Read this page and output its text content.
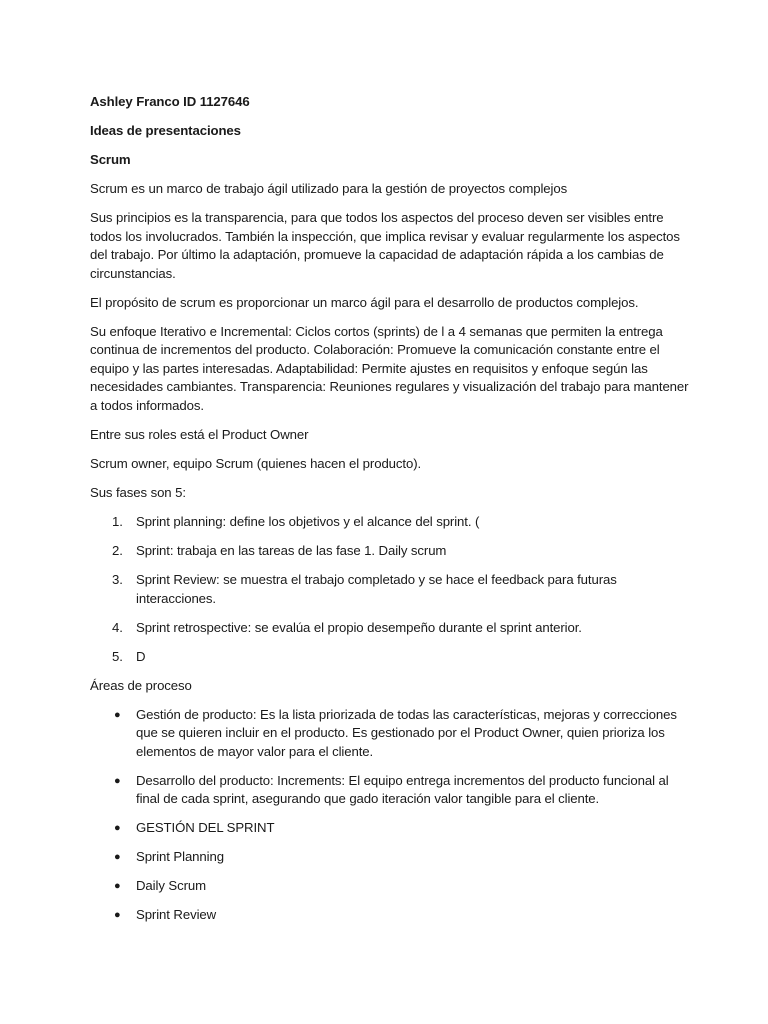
Ashley Franco ID 1127646

Ideas de presentaciones

Scrum

Scrum es un marco de trabajo ágil utilizado para la gestión de proyectos complejos

Sus principios es la transparencia, para que todos los aspectos del proceso deven ser visibles entre todos los involucrados. También la inspección, que implica revisar y evaluar regularmente los aspectos del trabajo. Por último la adaptación, promueve la capacidad de adaptación rápida a los cambias de circunstancias.

El propósito de scrum es proporcionar un marco ágil para el desarrollo de productos complejos.

Su enfoque Iterativo e Incremental: Ciclos cortos (sprints) de l a 4 semanas que permiten la entrega continua de incrementos del producto. Colaboración: Promueve la comunicación constante entre el equipo y las partes interesadas. Adaptabilidad: Permite ajustes en requisitos y enfoque según las necesidades cambiantes. Transparencia: Reuniones regulares y visualización del trabajo para mantener a todos informados.

Entre sus roles está el Product Owner

Scrum owner, equipo Scrum (quienes hacen el producto).

Sus fases son 5:

1. Sprint planning: define los objetivos y el alcance del sprint. (
2. Sprint: trabaja en las tareas de las fase 1. Daily scrum
3. Sprint Review: se muestra el trabajo completado y se hace el feedback para futuras interacciones.
4. Sprint retrospective: se evalúa el propio desempeño durante el sprint anterior.
5. D

Áreas de proceso

● Gestión de producto: Es la lista priorizada de todas las características, mejoras y correcciones que se quieren incluir en el producto. Es gestionado por el Product Owner, quien prioriza los elementos de mayor valor para el cliente.
● Desarrollo del producto: Increments: El equipo entrega incrementos del producto funcional al final de cada sprint, asegurando que gado iteración valor tangible para el cliente.
● GESTIÓN DEL SPRINT
● Sprint Planning
● Daily Scrum
● Sprint Review
